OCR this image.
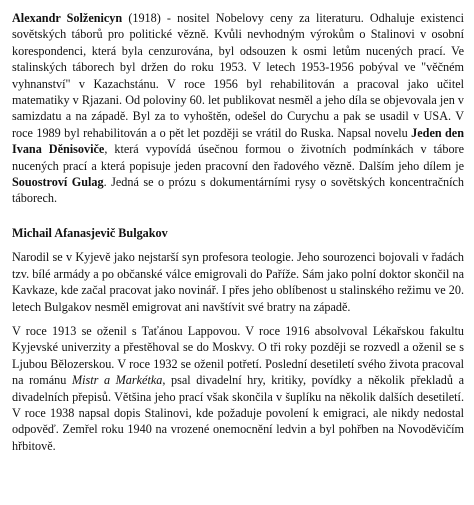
Alexandr Solženicyn (1918) - nositel Nobelovy ceny za literaturu. Odhaluje existenci sovětských táborů pro politické vězně. Kvůli nevhodným výrokům o Stalinovi v osobní korespondenci, která byla cenzurována, byl odsouzen k osmi letům nucených prací. Ve stalinských táborech byl držen do roku 1953. V letech 1953-1956 pobýval ve "věčném vyhnanství" v Kazachstánu. V roce 1956 byl rehabilitován a pracoval jako učitel matematiky v Rjazani. Od poloviny 60. let publikovat nesměl a jeho díla se objevovala jen v samizdatu a na západě. Byl za to vyhoštěn, odešel do Curychu a pak se usadil v USA. V roce 1989 byl rehabilitován a o pět let později se vrátil do Ruska. Napsal novelu Jeden den Ivana Děnisoviče, která vypovídá úsečnou formou o životních podmínkách v tábore nucených prací a která popisuje jeden pracovní den řadového vězně. Dalším jeho dílem je Souostroví Gulag. Jedná se o prózu s dokumentárními rysy o sovětských koncentračních táborech.

Michail Afanasjevič Bulgakov

Narodil se v Kyjevě jako nejstarší syn profesora teologie. Jeho sourozenci bojovali v řadách tzv. bílé armády a po občanské válce emigrovali do Paříže. Sám jako polní doktor skončil na Kavkaze, kde začal pracovat jako novinář. I přes jeho oblíbenost u stalinského režimu ve 20. letech Bulgakov nesměl emigrovat ani navštívit své bratry na západě.

V roce 1913 se oženil s Taťánou Lappovou. V roce 1916 absolvoval Lékařskou fakultu Kyjevské univerzity a přestěhoval se do Moskvy. O tři roky později se rozvedl a oženil se s Ljubou Bělozerskou. V roce 1932 se oženil potřetí. Poslední desetiletí svého života pracoval na románu Mistr a Markétka, psal divadelní hry, kritiky, povídky a několik překladů a divadelních přepisů. Většina jeho prací však skončila v šuplíku na několik dalších desetiletí. V roce 1938 napsal dopis Stalinovi, kde požaduje povolení k emigraci, ale nikdy nedostal odpověď. Zemřel roku 1940 na vrozené onemocnění ledvin a byl pohřben na Novoděvičím hřbitově.
